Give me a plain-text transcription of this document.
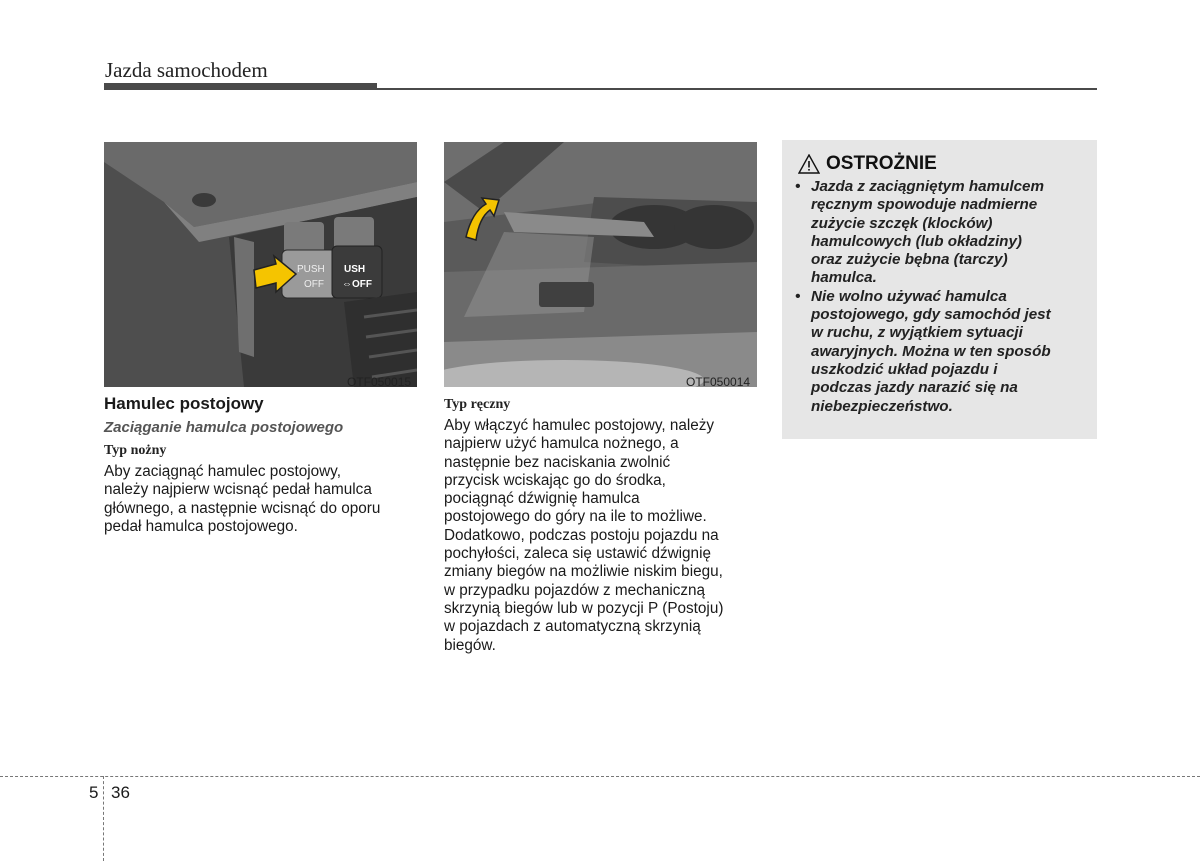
Jazda samochodem
PUSH
OFF
USH
⇔OFF
OTF050015	OTF050014
Hamulec postojowy
Zaciąganie hamulca postojowego
Typ nożny
Aby zaciągnąć hamulec postojowy,
należy najpierw wcisnąć pedał hamulca
głównego, a następnie wcisnąć do oporu
pedał hamulca postojowego.
Typ ręczny
Aby włączyć hamulec postojowy, należy
najpierw użyć hamulca nożnego, a
następnie bez naciskania zwolnić
przycisk wciskając go do środka,
pociągnąć dźwignię hamulca
postojowego do góry na ile to możliwe.
Dodatkowo, podczas postoju pojazdu na
pochyłości, zaleca się ustawić dźwignię
zmiany biegów na możliwie niskim biegu,
w przypadku pojazdów z mechaniczną
skrzynią biegów lub w pozycji P (Postoju)
w pojazdach z automatyczną skrzynią
biegów.
OSTROŻNIE
• Jazda z zaciągniętym hamulcem
ręcznym spowoduje nadmierne
zużycie szczęk (klocków)
hamulcowych (lub okładziny)
oraz zużycie bębna (tarczy)
hamulca.
• Nie wolno używać hamulca
postojowego, gdy samochód jest
w ruchu, z wyjątkiem sytuacji
awaryjnych. Można w ten sposób
uszkodzić układ pojazdu i
podczas jazdy narazić się na
niebezpieczeństwo.
5 36
